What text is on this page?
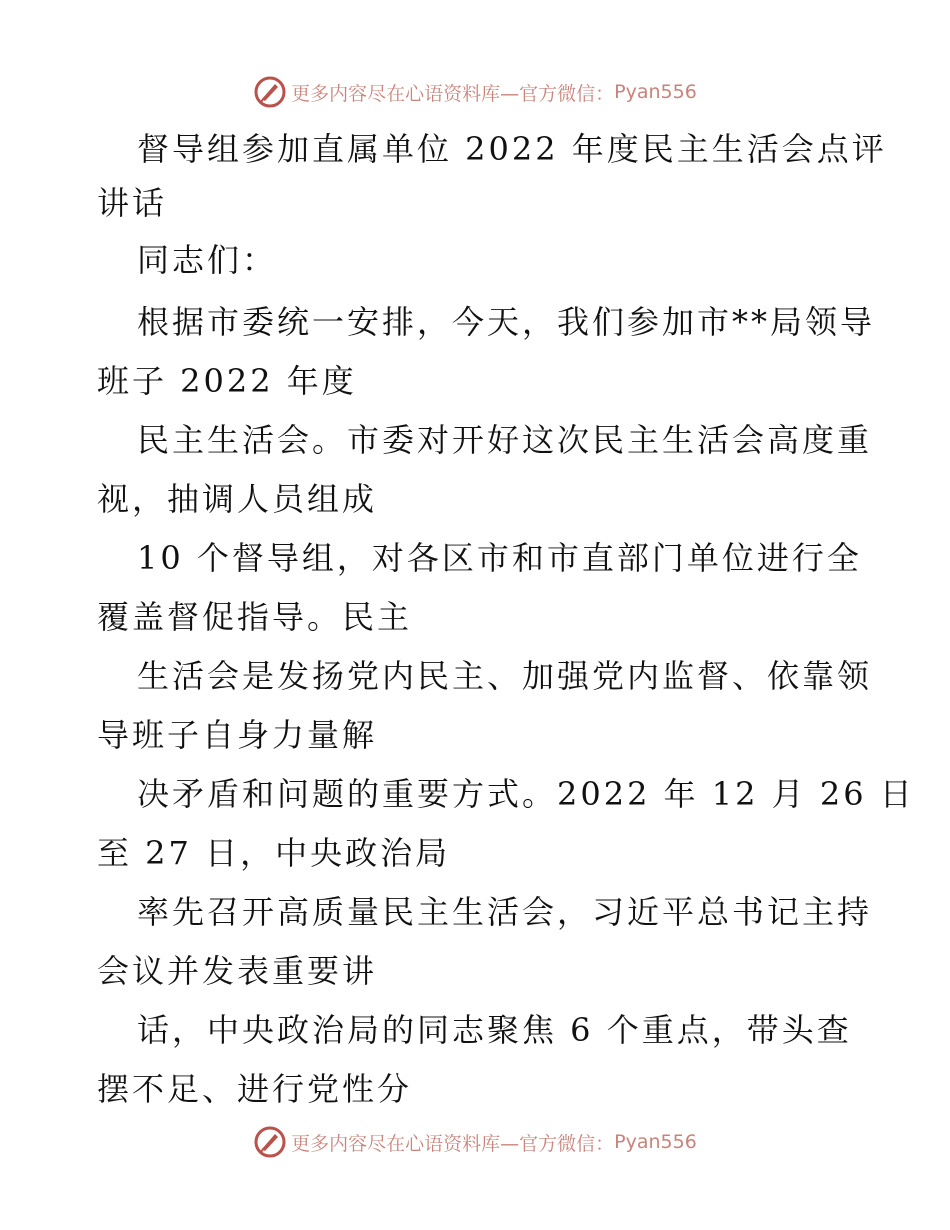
更多内容尽在心语资料库—官方微信： Pyan556
督导组参加直属单位 2022 年度民主生活会点评
讲话
同志们：
根据市委统一安排，今天，我们参加市**局领导
班子 2022 年度
民主生活会。市委对开好这次民主生活会高度重
视，抽调人员组成
10 个督导组，对各区市和市直部门单位进行全
覆盖督促指导。民主
生活会是发扬党内民主、加强党内监督、依靠领
导班子自身力量解
决矛盾和问题的重要方式。2022 年 12 月 26 日
至 27 日，中央政治局
率先召开高质量民主生活会，习近平总书记主持
会议并发表重要讲
话，中央政治局的同志聚焦 6 个重点，带头查
摆不足、进行党性分
更多内容尽在心语资料库—官方微信： Pyan556
